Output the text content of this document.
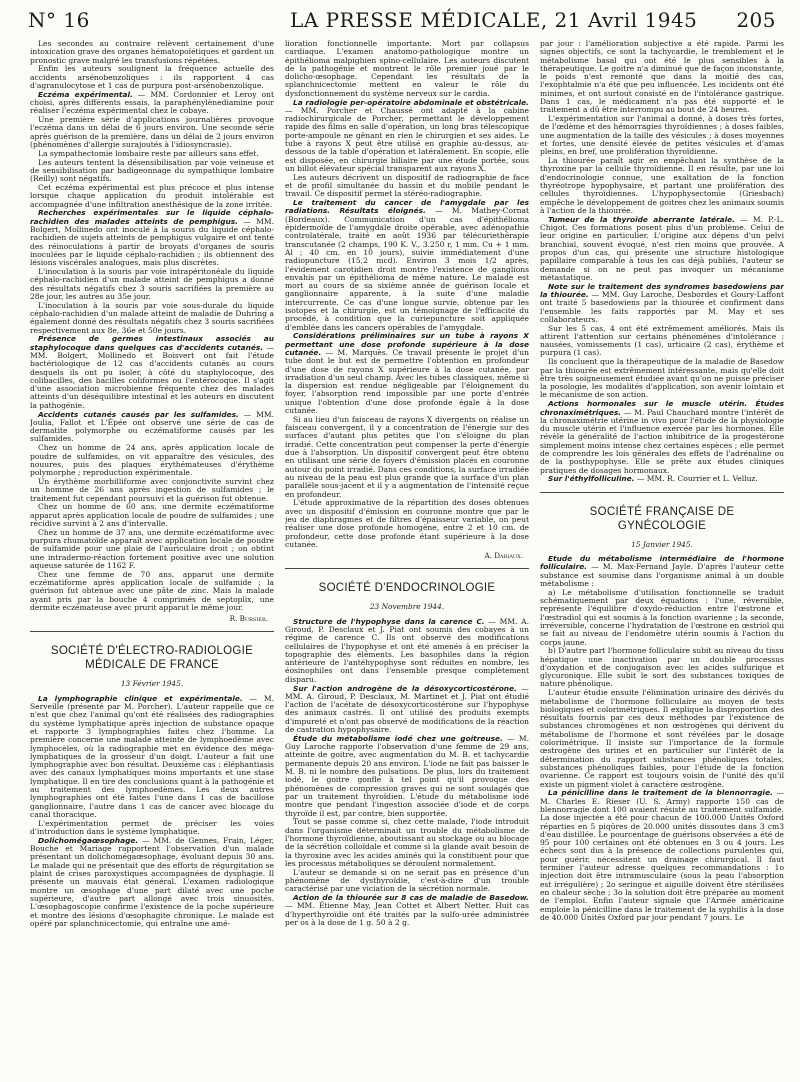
N° 16	LA PRESSE MÉDICALE, 21 Avril 1945 205

Les secondes au contraire relèvent certainement d'une intoxication grave des organes hématopoïétiques et gardent un pronostic grave malgré les transfusions répétées.

Enfin les auteurs soulignent la fréquence actuelle des accidents arsénobenzoliques : ils rapportent 4 cas d'agranulocytose et 1 cas de purpura post-arsénobenzolique.

Eczéma expérimental. — MM. Cordonnier et Leroy ont choisi, après différents essais, la paraphénylènediamine pour réaliser l'eczéma expérimental chez le cobaye.

Une première série d'applications journalières provoque l'eczéma dans un délai de 6 jours environ. Une seconde série après guérison de la première, dans un délai de 2 jours environ (phénomènes d'allergie surajoutés à l'idiosyncrasie).

La sympathectomie lombaire reste par ailleurs sans effet.

Les auteurs tentent la désensibilisation par voie veineuse et de sensibilisation par badigeonnage du sympathique lombaire (Reilly) sont négatifs.

Cet eczéma expérimental est plus précoce et plus intense lorsque chaque application du produit intolérable est accompagnée d'une infiltration anesthésique de la zone irritée.

Recherches expérimentales sur le liquide céphalo-rachidien des malades atteints de pemphigus. — MM. Bolgert, Mollinedo ont inoculé à la souris du liquide céphalo-rachidien de sujets atteints de pemphigus vulgaire et ont tenté des réinoculations à partir de broyats d'organes de souris inoculées par le liquide céphalo-rachidien ; ils obtiennent des lésions viscérales analogues, mais plus discrètes.

L'inoculation à la souris par voie intrapéritonéale du liquide céphalo-rachidien d'un malade atteint de pemphigus a donné des résultats négatifs chez 3 souris sacrifiées la première au 28e jour, les autres au 35e jour.

L'inoculation à la souris par voie sous-durale du liquide céphalo-rachidien d'un malade atteint de maladie de Duhring a également donné des résultats négatifs chez 3 souris sacrifiées respectivement aux 8e, 36e et 50e jours.

Présence de germes intestinaux associés au staphylocoque dans quelques cas d'accidents cutanés. — MM. Bolgert, Mollinedo et Boisvert ont fait l'étude bactériologique de 12 cas d'accidents cutanés au cours desquels ils ont pu isoler, à côté du staphylocoque, des colibacilles, des bacilles coliformes ou l'entérocoque. Il s'agit d'une association microbienne fréquente chez des malades atteints d'un déséquilibre intestinal et les auteurs en discutent la pathogénie.

Accidents cutanés causés par les sulfamides. — MM. Joulia, Fallot et L'Épée ont observé une série de cas de dermatite polymorphe ou eczématiforme causés par les sulfamides.

Chez un homme de 24 ans, après application locale de poudre de sulfamides, on vit apparaître des vésicules, des nouures, puis des plaques érythémateuses d'érythème polymorphe ; reproduction expérimentale.

Un érythème morbilliforme avec conjonctivite survint chez un homme de 26 ans après ingestion de sulfamides ; le traitement fut cependant poursuivi et la guérison fut obtenue.

Chez un homme de 60 ans, une dermite eczématiforme apparut après application locale de poudre de sulfamides ; une récidive survint à 2 ans d'intervalle.

Chez un homme de 37 ans, une dermite eczématiforme avec purpura rhumatoïde apparaît avec application locale de poudre de sulfamide pour une plaie de l'auriculaire droit ; on obtint une intradermo-réaction fortement positive avec une solution aqueuse saturée de 1162 F.

Chez une femme de 70 ans, apparut une dermite eczématiforme après application locale de sulfamide ; la guérison fut obtenue avec une pâte de zinc. Mais la malade ayant pris par la bouche 4 comprimés de septoplix, une dermite eczémateuse avec prurit apparut le même jour.

R. Bursier.
SOCIÉTÉ D'ÉLECTRO-RADIOLOGIE MÉDICALE DE FRANCE
13 Février 1945.

La lymphographie clinique et expérimentale. — M. Serveille (présenté par M. Porcher). L'auteur rappelle que ce n'est que chez l'animal qu'ont été réalisées des radiographies du système lymphatique après injection de substance opaque et rapporte 3 lymphographies faites chez l'homme. La première concerne une malade atteinte de lymphoedème avec lymphocèles, où la radiographie met en évidence des méga-lymphatiques de la grosseur d'un doigt. L'auteur a fait une lymphographie avec bon résultat. Deuxième cas : éléphantiasis avec des canaux lymphatiques moins importants et une stase lymphatique. Il en tire des conclusions quant à la pathogénie et au traitement des lymphoedèmes. Les deux autres lymphographies ont été faites l'une dans 1 cas de bacillose ganglionnaire, l'autre dans 1 cas de cancer avec blocage du canal thoracique.

L'expérimentation permet de préciser les voies d'introduction dans le système lymphatique.

Dolichomégaœsophage. — MM. de Gennes, Frain, Léger, Bouche et Mariage rapportent l'observation d'un malade présentant un dolichomégaœsophage, évoluant depuis 30 ans. Le malade qui ne présentait que des efforts de régurgitation se plaint de crises paroxystiques accompagnées de dysphagie. Il présente un mauvais état général. L'examen radiologique montre un œsophage d'une part dilaté avec une poche supérieure, d'autre part allongé avec trois sinuosités. L'œsophagoscopie confirme l'existence de la poche supérieure et montre des lésions d'œsophagite chronique. Le malade est opéré par splanchnicectomie, qui entraîne une amé-

lioration fonctionnelle importante. Mort par collapsus cardiaque. L'examen anatomo-pathologique montre un épithélioma malpighien spino-cellulaire. Les auteurs discutent de la pathogénie et montrent le rôle premier joué par le dolicho-œsophage. Cependant les résultats de la splanchnicectomie mettent en valeur le rôle du dysfonctionnement du système nerveux sur le cardia.

La radiologie per-opératoire abdominale et obstétricale. — MM. Porcher et Chaussé ont adapté à la cabine radiochirurgicale de Porcher, permettant le développement rapide des films en salle d'opération, un long bras télescopique porte-ampoule ne gênant en rien le chirurgien et ses aides. Le tube à rayons X peut être utilisé en graphie au-dessus, au-dessous de la table d'opération et latéralement. En scopie, elle est disposée, en chirurgie biliaire par une étude portée, sous un billot élévateur spécial transparent aux rayons X.

Les auteurs décrivent un dispositif de radiographie de face et de profil simultanée du bassin et du mobile pendant le travail. Ce dispositif permet la stéréo-radiographie.

Le traitement du cancer de l'amygdale par les radiations. Résultats éloignés. — M. Mathey-Cornat (Bordeaux). Communication d'un cas d'épithélioma épidermoïde de l'amygdale droite opérable, avec adénopathie controlatérale, traité en août 1936 par télécuriethérapie transcutanée (2 champs, 190 K. V., 3.250 r, 1 mm. Cu + 1 mm. Al ; 40 cm. en 10 jours), suivie immédiatement d'une radiopuncture (15,2 mcd). Environ 3 mois 1/2 après, l'évidement carotidien droit montre l'existence de ganglions envahis par un épithélioma de même nature. Le malade est mort au cours de sa sixième année de guérison locale et ganglionnaire apparente, à la suite d'une maladie intercurrente. Ce cas d'une longue survie, obtenue par les isotopes et la chirurgie, est un témoignage de l'efficacité du procédé, à condition que la curiepuncture soit appliquée d'emblée dans les cancers opérables de l'amygdale.

Considérations préliminaires sur un tube à rayons X permettant une dose profonde supérieure à la dose cutanée. — M. Marquès. Ce travail présente le projet d'un tube dont le but est de permettre l'obtention en profondeur d'une dose de rayons X supérieure à la dose cutanée, par irradiation d'un seul champ. Avec les tubes classiques, même si la dispersion est rendue négligeable par l'éloignement du foyer, l'absorption rend impossible par une porte d'entrée unique l'obtention d'une dose profonde égale à la dose cutanée.

Si au lieu d'un faisceau de rayons X divergents on réalise un faisceau convergent, il y a concentration de l'énergie sur des surfaces d'autant plus petites que l'on s'éloigne du plan irradié. Cette concentration peut compenser la perte d'énergie due à l'absorption. Un dispositif convergent peut être obtenu en utilisant une série de foyers d'émission placés en couronne autour du point irradié. Dans ces conditions, la surface irradiée au niveau de la peau est plus grande que la surface d'un plan parallèle sous-jacent et il y a augmentation de l'intensité reçue en profondeur.

L'étude approximative de la répartition des doses obtenues avec un dispositif d'émission en couronne montre que par le jeu de diaphragmes et de filtres d'épaisseur variable, on peut réaliser une dose profonde homogène, entre 2 et 10 cm. de profondeur, cette dose profonde étant supérieure à la dose cutanée.

A. Dariaux.
SOCIÉTÉ D'ENDOCRINOLOGIE
23 Novembre 1944.

Structure de l'hypophyse dans la carence C. — MM. A. Giroud, P. Desclaux et J. Piat ont soumis des cobayes à un régime de carence C. Ils ont observé des modifications cellulaires de l'hypophyse et ont été amenés à en préciser la topographie des éléments. Les basophiles dans la région antérieure de l'antéhypophyse sont réduites en nombre, les éosinophiles ont dans l'ensemble presque complètement disparu.

Sur l'action androgène de la désoxycorticostérone. — MM. A. Giroud, P. Desclaux, M. Martinet et J. Piat ont étudié l'action de l'acétate de désoxycorticostérone sur l'hypophyse des animaux castrés. Il ont utilisé des produits exempts d'impureté et n'ont pas observé de modifications de la réaction de castration hypophysaire.

Étude du métabolisme iodé chez une goitreuse. — M. Guy Laroche rapporte l'observation d'une femme de 29 ans, atteinte de goitre, avec augmentation du M. B. et tachycardie permanente depuis 20 ans environ. L'iode ne fait pas baisser le M. B. ni le nombre des pulsations. De plus, lors du traitement iodé, le goitre gonfle à tel point qu'il provoque des phénomènes de compression graves qui ne sont soulagés que par un traitement thyroïdien. L'étude du métabolisme iodé montre que pendant l'ingestion associée d'iode et de corps thyroïde il est, par contre, bien supportée.

Tout se passe comme si, chez cette malade, l'iode introduit dans l'organisme déterminait un trouble du métabolisme de l'hormone thyroïdienne, aboutissant au stockage ou au blocage de la sécrétion colloïdale et comme si la glande avait besoin de la thyroxine avec les acides aminés qui la constituent pour que les processus métaboliques se déroulent normalement.

L'auteur se demande si on ne serait pas en présence d'un phénomène de dysthyroïdie, c'est-à-dire d'un trouble caractérisé par une viciation de la sécrétion normale.

Action de la thiourée sur 8 cas de maladie de Basedow. — MM. Étienne May, Jean Cottet et Albert Netter. Huit cas d'hyperthyroïdie ont été traités par la sulfo-urée administrée per os à la dose de 1 g. 50 à 2 g.

par jour : l'amélioration subjective a été rapide. Parmi les signes objectifs, ce sont la tachycardie, le tremblement et le métabolisme basal qui ont été le plus sensibles à la thérapeutique. Le goitre n'a diminué que de façon inconstante, le poids n'est remonté que dans la moitié des cas, l'exophtalmie n'a été que peu influencée. Les incidents ont été minimes, et ont surtout consisté en de l'intolérance gastrique. Dans 1 cas, le médicament n'a pas été supporté et le traitement a dû être interrompu au bout de 24 heures.

L'expérimentation sur l'animal a donné, à doses très fortes, de l'œdème et des hémorragies thyroïdiennes ; à doses faibles, une augmentation de la taille des vésicules ; à doses moyennes et fortes, une densité élevée de petites vésicules et d'amas pleins, en bref, une prolifération thyroïdienne.

La thiourée paraît agir en empêchant la synthèse de la thyroxine par la cellule thyroïdienne. Il en résulte, par une loi d'endocrinologie connue, une exaltation de la fonction thyréotrope hypophysaire, et partant une prolifération des cellules thyroïdiennes. L'hypophysectomie (Griesbach) empêche le développement de goitres chez les animaux soumis à l'action de la thiourée.

Tumeur de la thyroïde aberrante latérale. — M. P.-L. Chigot. Ces formations posent plus d'un problème. Celui de leur origine en particulier. L'origine aux dépens d'un pelvi branchial, souvent évoqué, n'est rien moins que prouvée. A propos d'un cas, qui présente une structure histologique papillaire comparable à tous les cas déjà publiés, l'auteur se demande si on ne peut pas invoquer un mécanisme métastatique.

Note sur le traitement des syndromes basedowiens par la thiourée. — MM. Guy Laroche, Desbordes et Goury-Laffont ont traité 5 basedowiens par la thiourée et confirment dans l'ensemble les faits rapportés par M. May et ses collaborateurs.

Sur les 5 cas, 4 ont été extrêmement améliorés. Mais ils attirent l'attention sur certains phénomènes d'intolérance : nausées, vomissements (1 cas), urticaire (2 cas), érythème et purpura (1 cas).

Ils concluent que la thérapeutique de la maladie de Basedow par la thiourée est extrêmement intéressante, mais qu'elle doit être très soigneusement étudiée avant qu'on ne puisse préciser la posologie, les modalités d'application, son avenir lointain et le mécanisme de son action.

Actions hormonales sur le muscle utérin. Études chronaximétriques. — M. Paul Chauchard montre l'intérêt de la chronaximétrie utérine in vivo pour l'étude de la physiologie du muscle utérin et l'influence exercée par les hormones. Elle révèle la généralité de l'action inhibitrice de la progestérone simplement moins intense chez certaines espèces ; elle permet de comprendre les lois générales des effets de l'adrénaline ou de la posthypophyse. Elle se prête aux études cliniques pratiques de dosages hormonaux.

Sur l'éthylfolliculine. — MM. R. Courrier et L. Velluz.

SOCIÉTÉ FRANÇAISE DE GYNÉCOLOGIE
15 Janvier 1945.

Etude du métabolisme intermédiaire de l'hormone folliculaire. — M. Max-Fernand Jayle. D'après l'auteur cette substance est soumise dans l'organisme animal à un double métabolisme :

a) Le métabolisme d'utilisation fonctionnelle se traduit schématiquement par deux équations : l'une, réversible, représente l'équilibre d'oxydo-réduction entre l'œstrone et l'œstradiol qui est soumis à la fonction ovarienne ; la seconde, irréversible, concerne l'hydratation de l'œstrone en œstriol qui se fait au niveau de l'endomètre utérin soumis à l'action du corps jaune.

b) D'autre part l'hormone folliculaire subit au niveau du tissu hépatique une inactivation par un double processus d'oxydation et de conjugaison avec les acides sulfurique et glycuronique. Elle subit le sort des substances toxiques de nature phénolique.

L'auteur étudie ensuite l'élimination urinaire des dérivés du métabolisme de l'hormone folliculaire au moyen de tests biologiques et colorimétriques. Il explique la disproportion des résultats fournis par ces deux méthodes par l'existence de substances chromogènes et non œstrogènes qui dérivent du métabolisme de l'hormone et sont révélées par le dosage colorimétrique. Il insiste sur l'importance de la formule œstrogène des urines et en particulier sur l'intérêt de la détermination du rapport substances phénoliques totales, substances phénoliques faibles, pour l'étude de la fonction ovarienne. Ce rapport est toujours voisin de l'unité dès qu'il existe un pigment violet à caractère œstrogène.

La pénicilline dans le traitement de la blennorragie. — M. Charles E. Rieser (U. S. Army) rapporte 150 cas de blennorragie dont 100 avaient résisté au traitement sulfamidé. La dose injectée a été pour chacun de 100.000 Unités Oxford réparties en 5 piqûres de 20.000 unités dissoutes dans 3 cm3 d'eau distillée. Le pourcentage de guérisons observées a été de 95 pour 100 certaines ont été obtenues en 3 ou 4 jours. Les échecs sont dus à la présence de collections purulentes qui, pour guérir, nécessitent un drainage chirurgical. Il faut terminer l'auteur adresse quelques recommandations : 1o injection doit être intramusculaire (sous la peau l'absorption est irrégulière) ; 2o seringue et aiguille doivent être stérilisées en chaleur sèche ; 3o la solution doit être préparée au moment de l'emploi. Enfin l'auteur signale que l'Armée américaine emploie la pénicilline dans le traitement de la syphilis à la dose de 40.000 Unités Oxford par jour pendant 7 jours. Le
